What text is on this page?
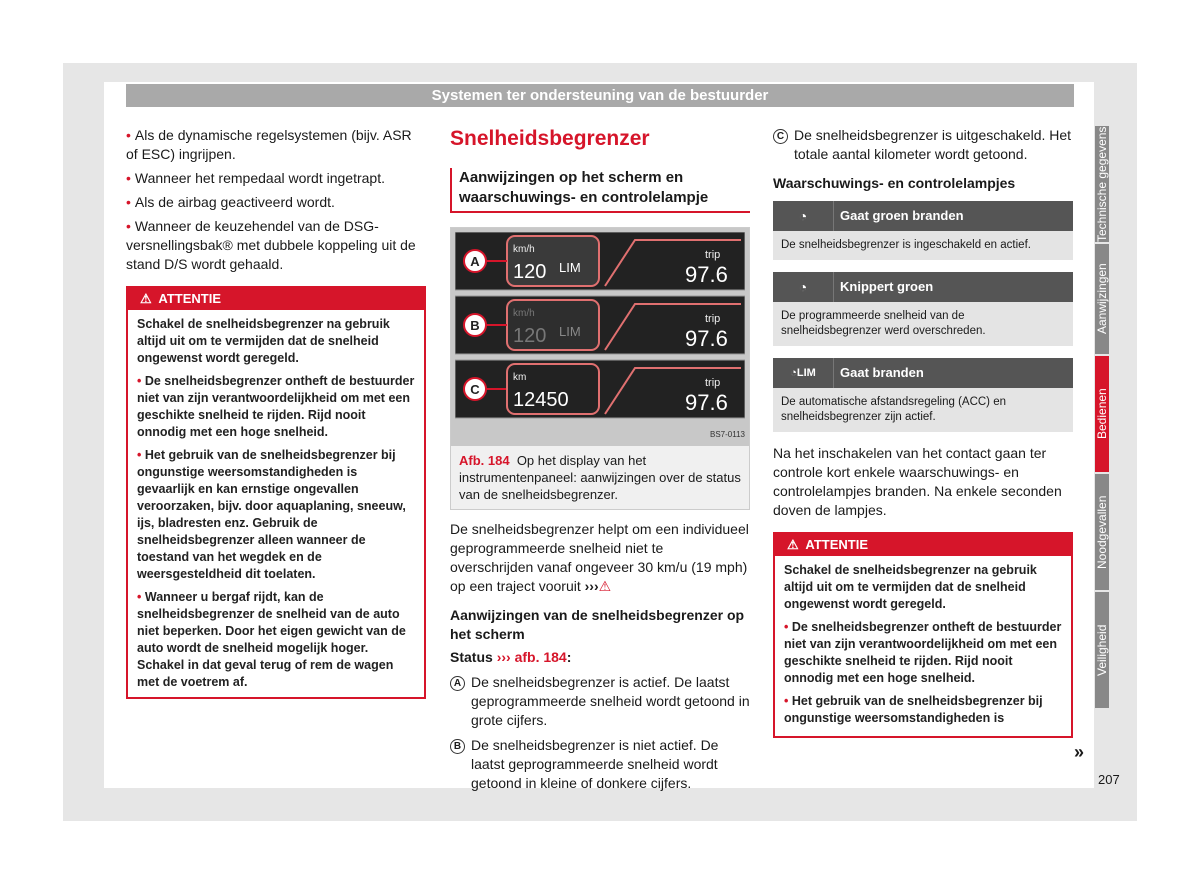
Systemen ter ondersteuning van de bestuurder
• Als de dynamische regelsystemen (bijv. ASR of ESC) ingrijpen.
• Wanneer het rempedaal wordt ingetrapt.
• Als de airbag geactiveerd wordt.
• Wanneer de keuzehendel van de DSG-versnellingsbak® met dubbele koppeling uit de stand D/S wordt gehaald.
⚠ ATTENTIE

Schakel de snelheidsbegrenzer na gebruik altijd uit om te vermijden dat de snelheid ongewenst wordt geregeld.

• De snelheidsbegrenzer ontheft de bestuurder niet van zijn verantwoordelijkheid om met een geschikte snelheid te rijden. Rijd nooit onnodig met een hoge snelheid.

• Het gebruik van de snelheidsbegrenzer bij ongunstige weersomstandigheden is gevaarlijk en kan ernstige ongevallen veroorzaken, bijv. door aquaplaning, sneeuw, ijs, bladresten enz. Gebruik de snelheidsbegrenzer alleen wanneer de toestand van het wegdek en de weersgesteldheid dit toelaten.

• Wanneer u bergaf rijdt, kan de snelheidsbegrenzer de snelheid van de auto niet beperken. Door het eigen gewicht van de auto wordt de snelheid mogelijk hoger. Schakel in dat geval terug of rem de wagen met de voetrem af.

Snelheidsbegrenzer
Aanwijzingen op het scherm en waarschuwings- en controlelampje
A
km/h
120 LIM
trip
97.6
B
km/h
120 LIM
trip
97.6
C
km
12450
trip
97.6
BS7-0113
Afb. 184 Op het display van het instrumentenpaneel: aanwijzingen over de status van de snelheidsbegrenzer.

De snelheidsbegrenzer helpt om een individueel geprogrammeerde snelheid niet te overschrijden vanaf ongeveer 30 km/u (19 mph) op een traject vooruit ›››⚠

Aanwijzingen van de snelheidsbegrenzer op het scherm
Status ››› afb. 184:
A De snelheidsbegrenzer is actief. De laatst geprogrammeerde snelheid wordt getoond in grote cijfers.
B De snelheidsbegrenzer is niet actief. De laatst geprogrammeerde snelheid wordt getoond in kleine of donkere cijfers.
C De snelheidsbegrenzer is uitgeschakeld. Het totale aantal kilometer wordt getoond.
Waarschuwings- en controlelampjes
◔	Gaat groen branden
De snelheidsbegrenzer is ingeschakeld en actief.
◔	Knippert groen
De programmeerde snelheid van de snelheidsbegrenzer werd overschreden.
◔LIM	Gaat branden
De automatische afstandsregeling (ACC) en snelheidsbegrenzer zijn actief.

Na het inschakelen van het contact gaan ter controle kort enkele waarschuwings- en controlelampjes branden. Na enkele seconden doven de lampjes.

⚠ ATTENTIE

Schakel de snelheidsbegrenzer na gebruik altijd uit om te vermijden dat de snelheid ongewenst wordt geregeld.

• De snelheidsbegrenzer ontheft de bestuurder niet van zijn verantwoordelijkheid om met een geschikte snelheid te rijden. Rijd nooit onnodig met een hoge snelheid.

• Het gebruik van de snelheidsbegrenzer bij ongunstige weersomstandigheden is

»
Technische gegevens
Aanwijzingen
Bedienen
Noodgevallen
Veiligheid
207
